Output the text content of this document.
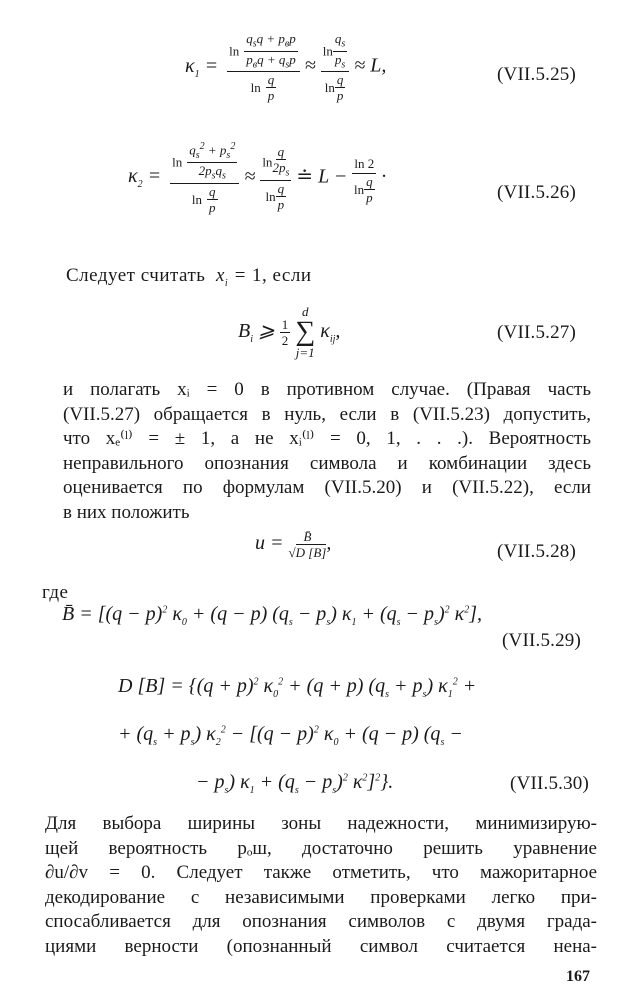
$\kappa_1 = \frac{\ln \frac{q_sq + p_вp}{p_вq + q_sp}}{\ln \frac{q}{p}} \approx \frac{\ln \frac{q_s}{p_s}}{\ln \frac{q}{p}} \approx L$,	(VII.5.25)
$\kappa_2 = \frac{\ln \frac{q_s^2 + p_s^2}{2p_sq_s}}{\ln \frac{q}{p}} \approx \frac{\ln \frac{q}{2p_s}}{\ln \frac{q}{p}}$ ≐ $L - \frac{\ln 2}{\ln \frac{q}{p}}$ ·
(VII.5.26)
Следует считать  $x_i = 1$, если
$B_i$ ⩾ $\frac{1}{2}$

d
∑
j=1
$\kappa_{ij}$,	(VII.5.27)
и полагать xᵢ = 0 в противном случае. (Правая часть
(VII.5.27) обращается в нуль, если в (VII.5.23) допустить,
что xₑ⁽ˡ⁾ = ± 1, а не xᵢ⁽ˡ⁾ = 0, 1, . . .). Вероятность
неправильного опознания символа и комбинации здесь
оценивается по формулам (VII.5.20) и (VII.5.22), если
в них положить
$u = \frac{B̄}{√D [B]}$ ,	(VII.5.28)
где
B̄ = [$(q - p)^2$ $\kappa_0 + (q - p) (q_s - p_s) \kappa_1 + (q_s - p_s)^2$ $\kappa^2$],
(VII.5.29)
D $[B] = \{(q + p)^2$ $\kappa_0^2 + (q + p) (q_s + p_s) \kappa_1^2$ +
+ $(q_s + p_s) \kappa_2^2 - [(q - p)^2$ $\kappa_0 + (q - p) (q_s$ −
− $p_s$) $\kappa_1 + (q_s - p_s)^2$ $\kappa^2]^2$}.	(VII.5.30)
Для выбора ширины зоны надежности, минимизирую-
щей вероятность pₒш, достаточно решить уравнение
∂u/∂v = 0. Следует также отметить, что мажоритарное
декодирование с независимыми проверками легко при-
спосабливается для опознания символов с двумя града-
циями верности (опознанный символ считается нена-
167
